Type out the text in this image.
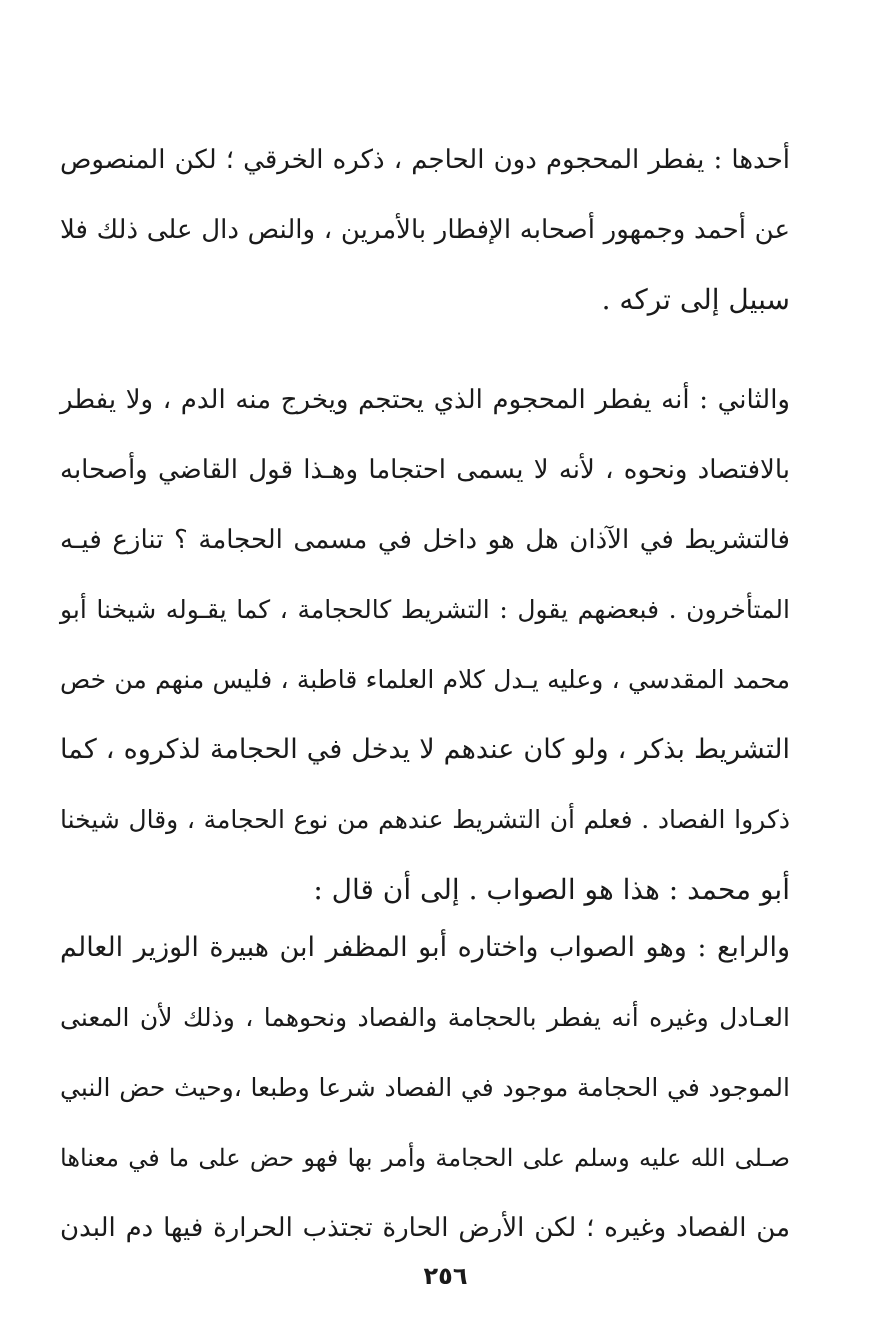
أحدها : يفطر المحجوم دون الحاجم ، ذكره الخرقي ؛ لكن المنصوص
عن أحمد وجمهور أصحابه الإفطار بالأمرين ، والنص دال على ذلك فلا
سبيل إلى تركه .
والثاني : أنه يفطر المحجوم الذي يحتجم ويخرج منه الدم ، ولا يفطر
بالافتصاد ونحوه ، لأنه لا يسمى احتجاما وهـذا قول القاضي وأصحابه
فالتشريط في الآذان هل هو داخل في مسمى الحجامة ؟ تنازع فيـه
المتأخرون . فبعضهم يقول : التشريط كالحجامة ، كما يقـوله شيخنا أبو
محمد المقدسي ، وعليه يـدل كلام العلماء قاطبة ، فليس منهم من خص
التشريط بذكر ، ولو كان عندهم لا يدخل في الحجامة لذكروه ، كما
ذكروا الفصاد . فعلم أن التشريط عندهم من نوع الحجامة ، وقال شيخنا
أبو محمد : هذا هو الصواب . إلى أن قال :
والرابع : وهو الصواب واختاره أبو المظفر ابن هبيرة الوزير العالم
العـادل وغيره أنه يفطر بالحجامة والفصاد ونحوهما ، وذلك لأن المعنى
الموجود في الحجامة موجود في الفصاد شرعا وطبعا ،وحيث حض النبي
صـلى الله عليه وسلم على الحجامة وأمر بها فهو حض على ما في معناها
من الفصاد وغيره ؛ لكن الأرض الحارة تجتذب الحرارة فيها دم البدن
٢٥٦
